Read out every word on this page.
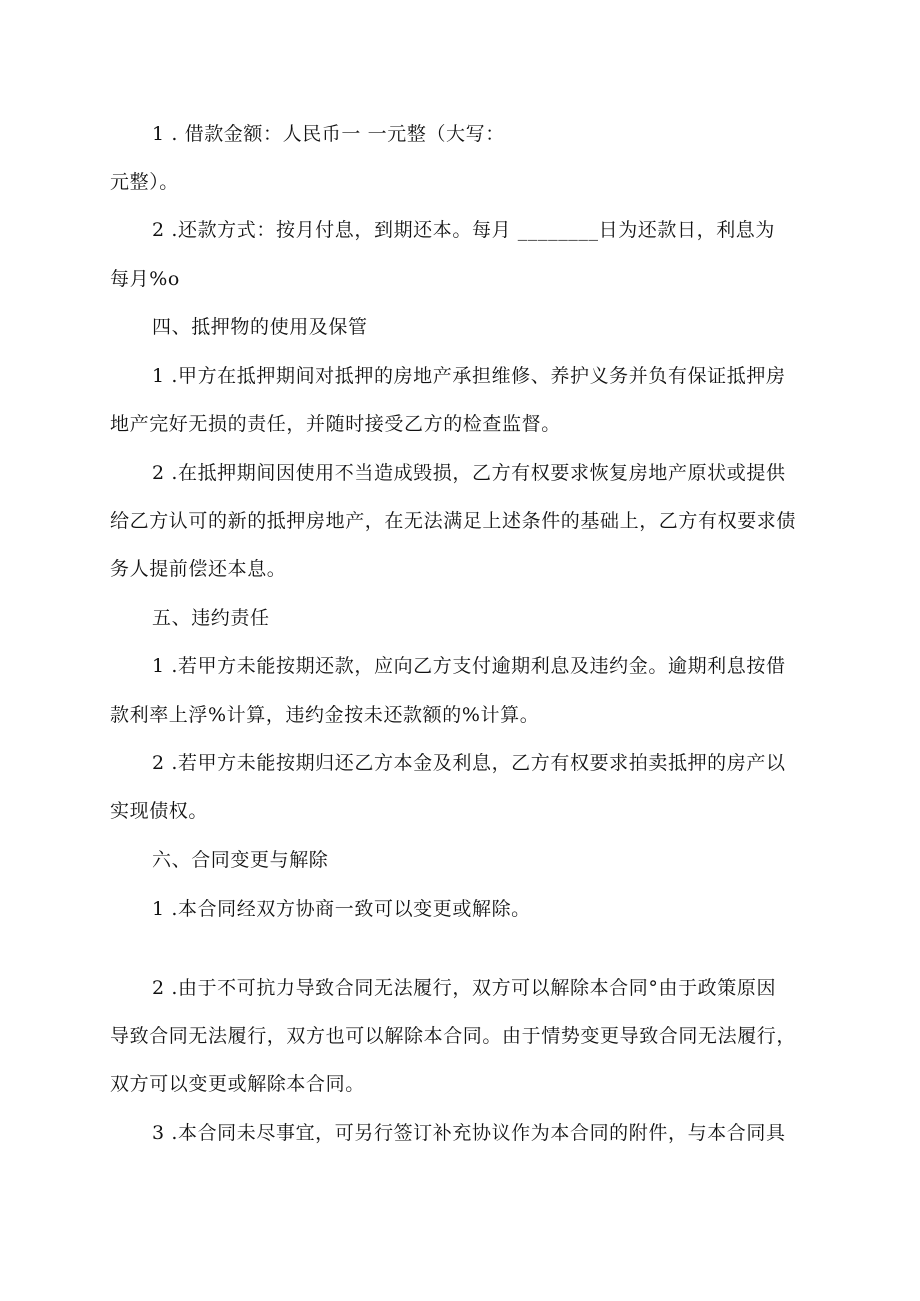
1 . 借款金额：人民币一 一元整（大写：
元整）。
2 .还款方式：按月付息，到期还本。每月 ________日为还款日，利息为
每月%o
四、抵押物的使用及保管
1 .甲方在抵押期间对抵押的房地产承担维修、养护义务并负有保证抵押房
地产完好无损的责任，并随时接受乙方的检查监督。
2 .在抵押期间因使用不当造成毁损，乙方有权要求恢复房地产原状或提供
给乙方认可的新的抵押房地产，在无法满足上述条件的基础上，乙方有权要求债
务人提前偿还本息。
五、违约责任
1 .若甲方未能按期还款，应向乙方支付逾期利息及违约金。逾期利息按借
款利率上浮%计算，违约金按未还款额的%计算。
2 .若甲方未能按期归还乙方本金及利息，乙方有权要求拍卖抵押的房产以
实现债权。
六、合同变更与解除
1 .本合同经双方协商一致可以变更或解除。
2 .由于不可抗力导致合同无法履行，双方可以解除本合同°由于政策原因
导致合同无法履行，双方也可以解除本合同。由于情势变更导致合同无法履行，
双方可以变更或解除本合同。
3 .本合同未尽事宜，可另行签订补充协议作为本合同的附件，与本合同具
